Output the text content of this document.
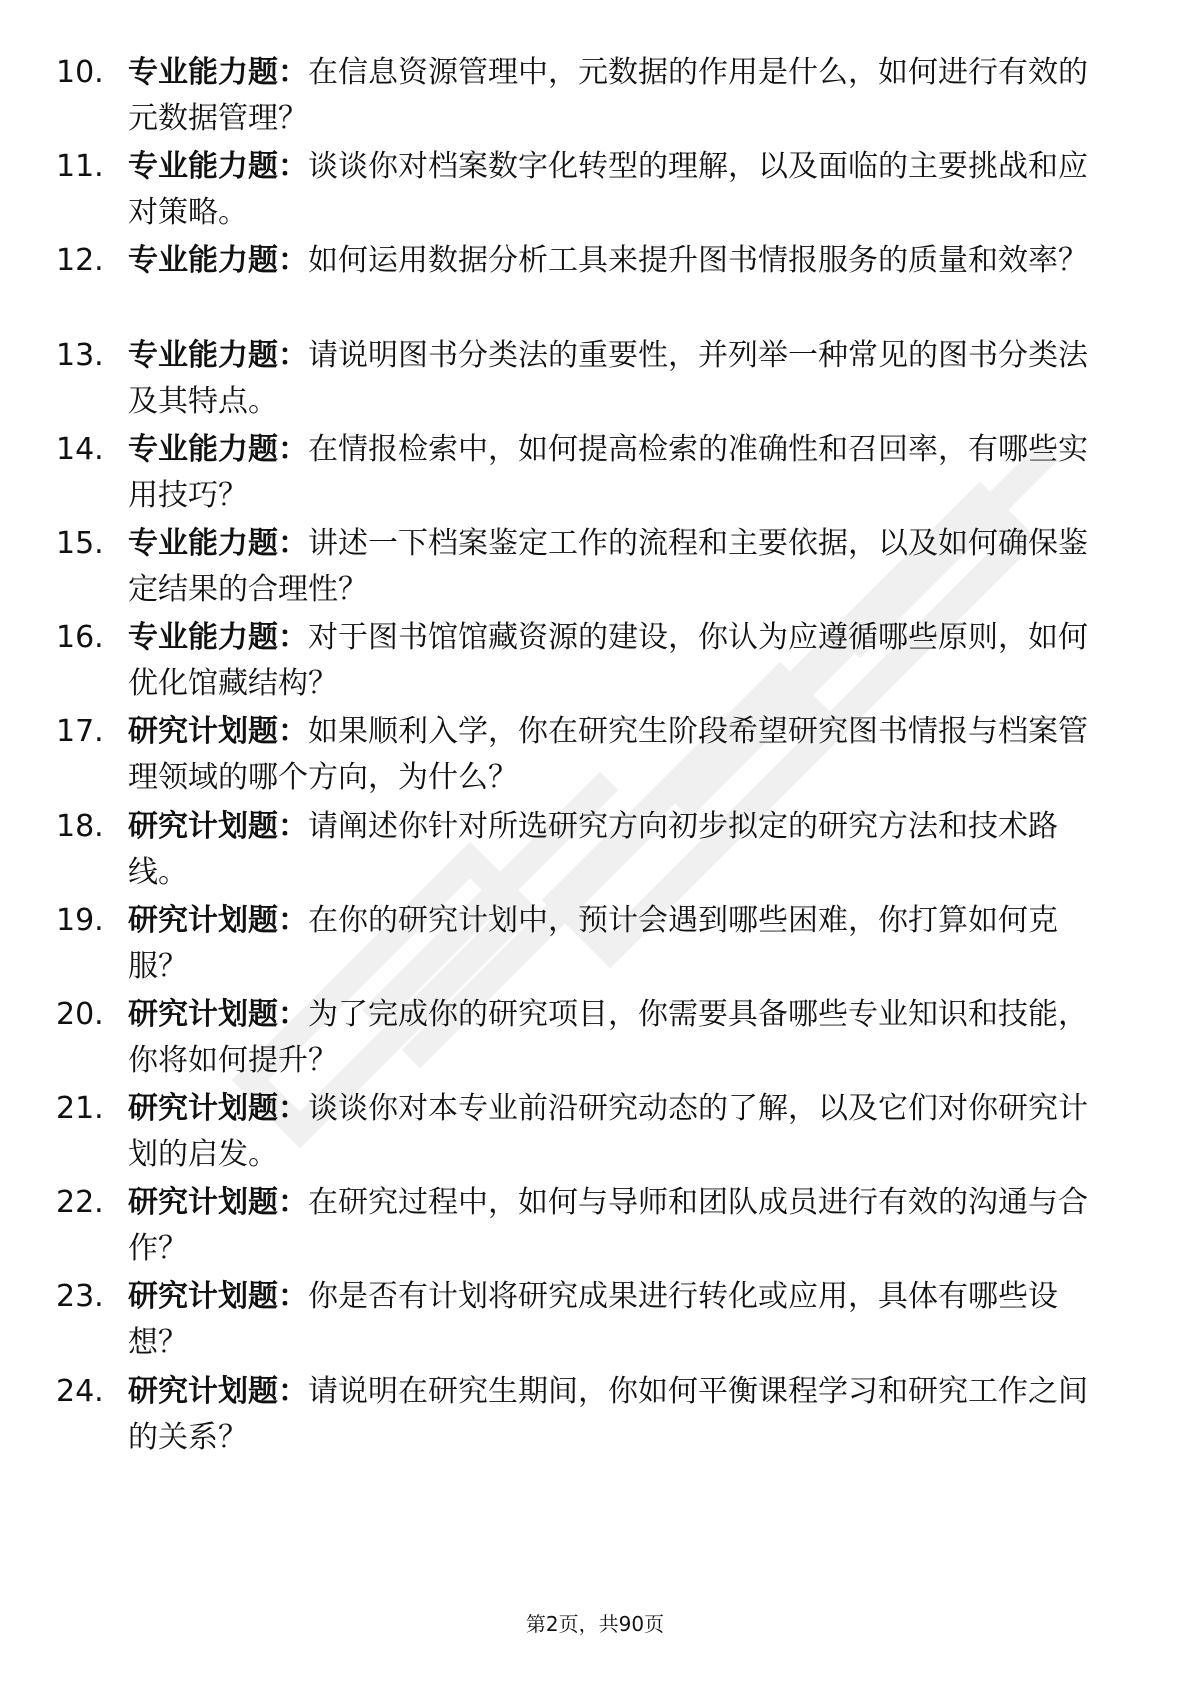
10. 专业能力题：在信息资源管理中，元数据的作用是什么，如何进行有效的元数据管理？

11. 专业能力题：谈谈你对档案数字化转型的理解，以及面临的主要挑战和应对策略。

12. 专业能力题：如何运用数据分析工具来提升图书情报服务的质量和效率？

13. 专业能力题：请说明图书分类法的重要性，并列举一种常见的图书分类法及其特点。

14. 专业能力题：在情报检索中，如何提高检索的准确性和召回率，有哪些实用技巧？

15. 专业能力题：讲述一下档案鉴定工作的流程和主要依据，以及如何确保鉴定结果的合理性？

16. 专业能力题：对于图书馆馆藏资源的建设，你认为应遵循哪些原则，如何优化馆藏结构？

17. 研究计划题：如果顺利入学，你在研究生阶段希望研究图书情报与档案管理领域的哪个方向，为什么？

18. 研究计划题：请阐述你针对所选研究方向初步拟定的研究方法和技术路线。

19. 研究计划题：在你的研究计划中，预计会遇到哪些困难，你打算如何克服？

20. 研究计划题：为了完成你的研究项目，你需要具备哪些专业知识和技能，你将如何提升？

21. 研究计划题：谈谈你对本专业前沿研究动态的了解，以及它们对你研究计划的启发。

22. 研究计划题：在研究过程中，如何与导师和团队成员进行有效的沟通与合作？

23. 研究计划题：你是否有计划将研究成果进行转化或应用，具体有哪些设想？

24. 研究计划题：请说明在研究生期间，你如何平衡课程学习和研究工作之间的关系？

第2页，共90页
